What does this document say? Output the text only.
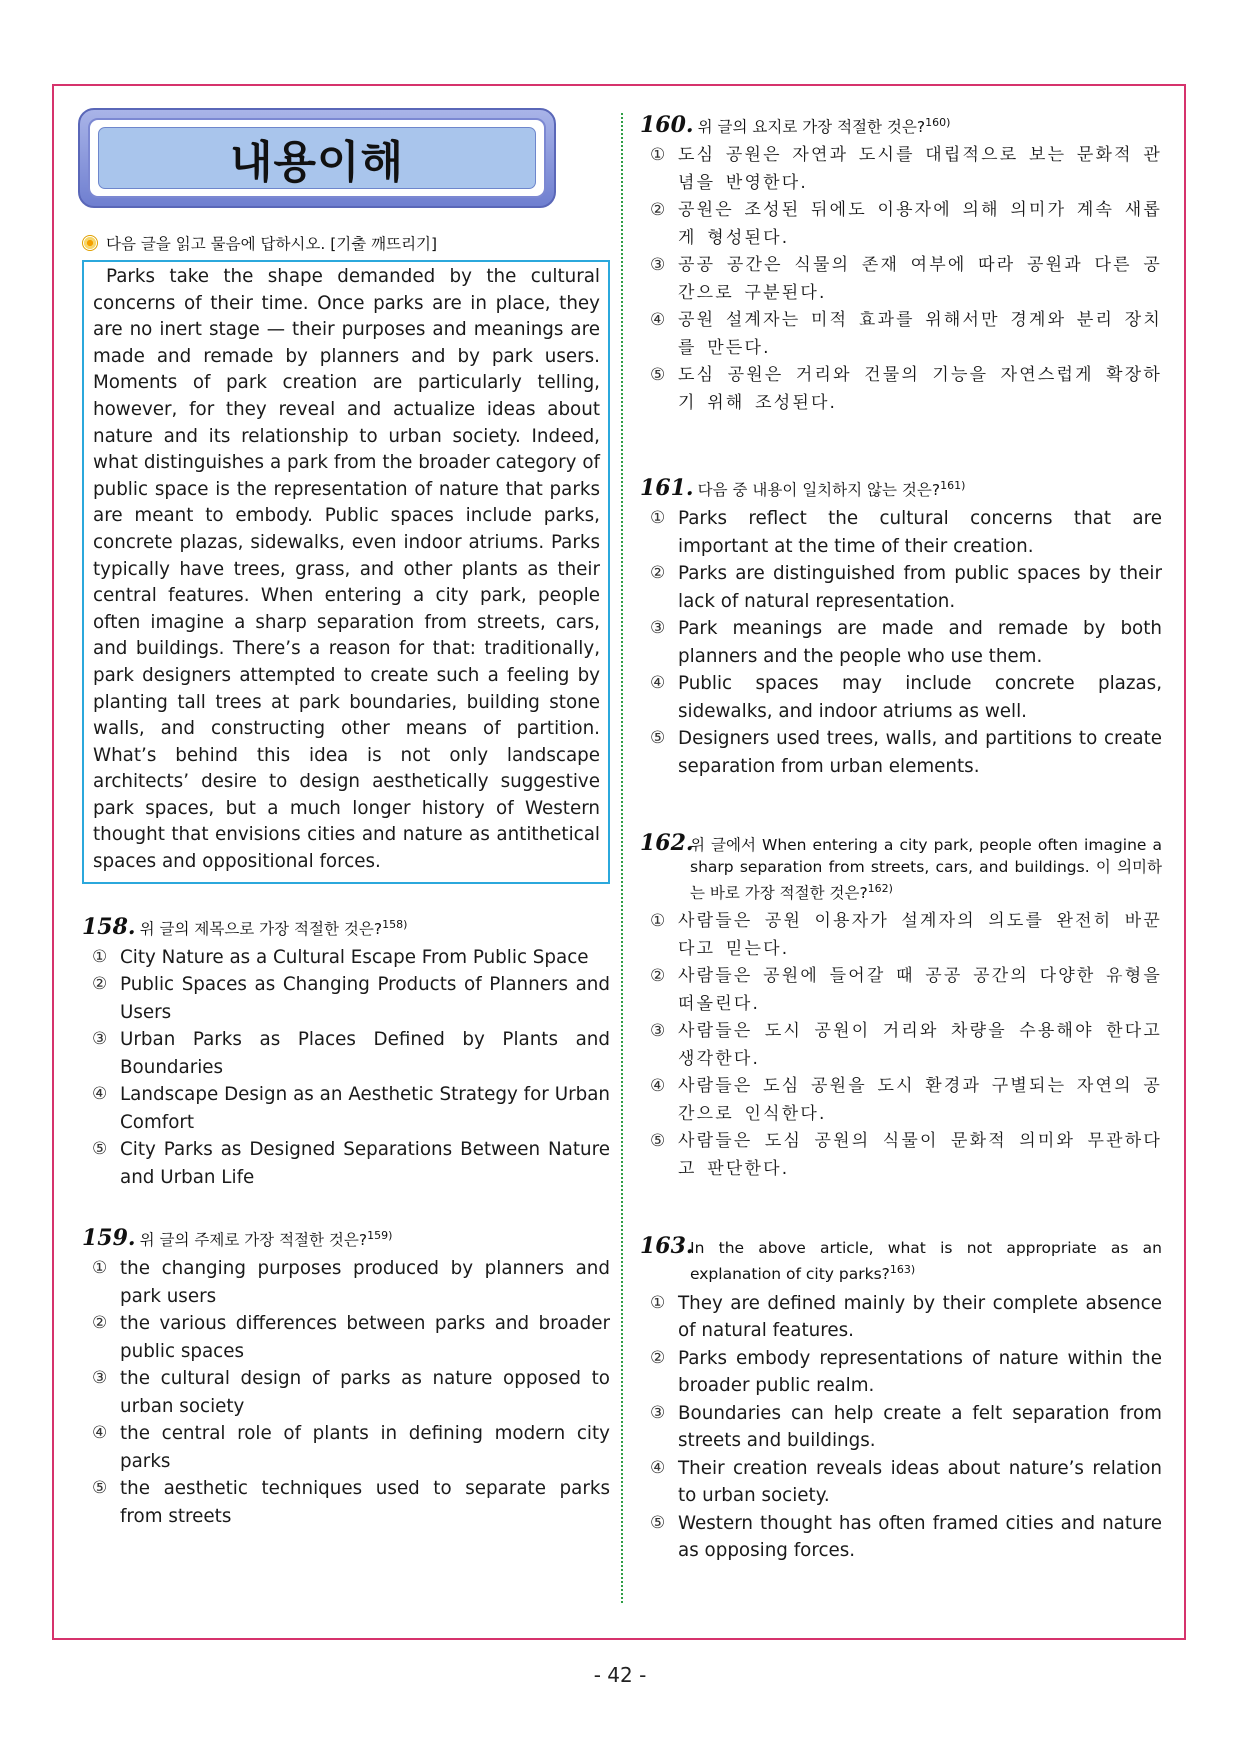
내용이해
다음 글을 읽고 물음에 답하시오. [기출 깨뜨리기]

Parks take the shape demanded by the cultural concerns of their time. Once parks are in place, they are no inert stage — their purposes and meanings are made and remade by planners and by park users. Moments of park creation are particularly telling, however, for they reveal and actualize ideas about nature and its relationship to urban society. Indeed, what distinguishes a park from the broader category of public space is the representation of nature that parks are meant to embody. Public spaces include parks, concrete plazas, sidewalks, even indoor atriums. Parks typically have trees, grass, and other plants as their central features. When entering a city park, people often imagine a sharp separation from streets, cars, and buildings. There’s a reason for that: traditionally, park designers attempted to create such a feeling by planting tall trees at park boundaries, building stone walls, and constructing other means of partition. What’s behind this idea is not only landscape architects’ desire to design aesthetically suggestive park spaces, but a much longer history of Western thought that envisions cities and nature as antithetical spaces and oppositional forces.

158. 위 글의 제목으로 가장 적절한 것은?$^{158)}$
① City Nature as a Cultural Escape From Public Space
② Public Spaces as Changing Products of Planners and Users
③ Urban Parks as Places Defined by Plants and Boundaries
④ Landscape Design as an Aesthetic Strategy for Urban Comfort
⑤ City Parks as Designed Separations Between Nature and Urban Life
159. 위 글의 주제로 가장 적절한 것은?$^{159)}$
① the changing purposes produced by planners and park users
② the various differences between parks and broader public spaces
③ the cultural design of parks as nature opposed to urban society
④ the central role of plants in defining modern city parks
⑤ the aesthetic techniques used to separate parks from streets
160. 위 글의 요지로 가장 적절한 것은?$^{160)}$
① 도심 공원은 자연과 도시를 대립적으로 보는 문화적 관념을 반영한다.
② 공원은 조성된 뒤에도 이용자에 의해 의미가 계속 새롭게 형성된다.
③ 공공 공간은 식물의 존재 여부에 따라 공원과 다른 공간으로 구분된다.
④ 공원 설계자는 미적 효과를 위해서만 경계와 분리 장치를 만든다.
⑤ 도심 공원은 거리와 건물의 기능을 자연스럽게 확장하기 위해 조성된다.
161. 다음 중 내용이 일치하지 않는 것은?$^{161)}$
① Parks reflect the cultural concerns that are important at the time of their creation.
② Parks are distinguished from public spaces by their lack of natural representation.
③ Park meanings are made and remade by both planners and the people who use them.
④ Public spaces may include concrete plazas, sidewalks, and indoor atriums as well.
⑤ Designers used trees, walls, and partitions to create separation from urban elements.
162.위 글에서 When entering a city park, people often imagine a sharp separation from streets, cars, and buildings. 이 의미하는 바로 가장 적절한 것은?$^{162)}$
① 사람들은 공원 이용자가 설계자의 의도를 완전히 바꾼다고 믿는다.
② 사람들은 공원에 들어갈 때 공공 공간의 다양한 유형을 떠올린다.
③ 사람들은 도시 공원이 거리와 차량을 수용해야 한다고 생각한다.
④ 사람들은 도심 공원을 도시 환경과 구별되는 자연의 공간으로 인식한다.
⑤ 사람들은 도심 공원의 식물이 문화적 의미와 무관하다고 판단한다.
163.In the above article, what is not appropriate as an explanation of city parks?$^{163)}$
① They are defined mainly by their complete absence of natural features.
② Parks embody representations of nature within the broader public realm.
③ Boundaries can help create a felt separation from streets and buildings.
④ Their creation reveals ideas about nature’s relation to urban society.
⑤ Western thought has often framed cities and nature as opposing forces.
- 42 -
